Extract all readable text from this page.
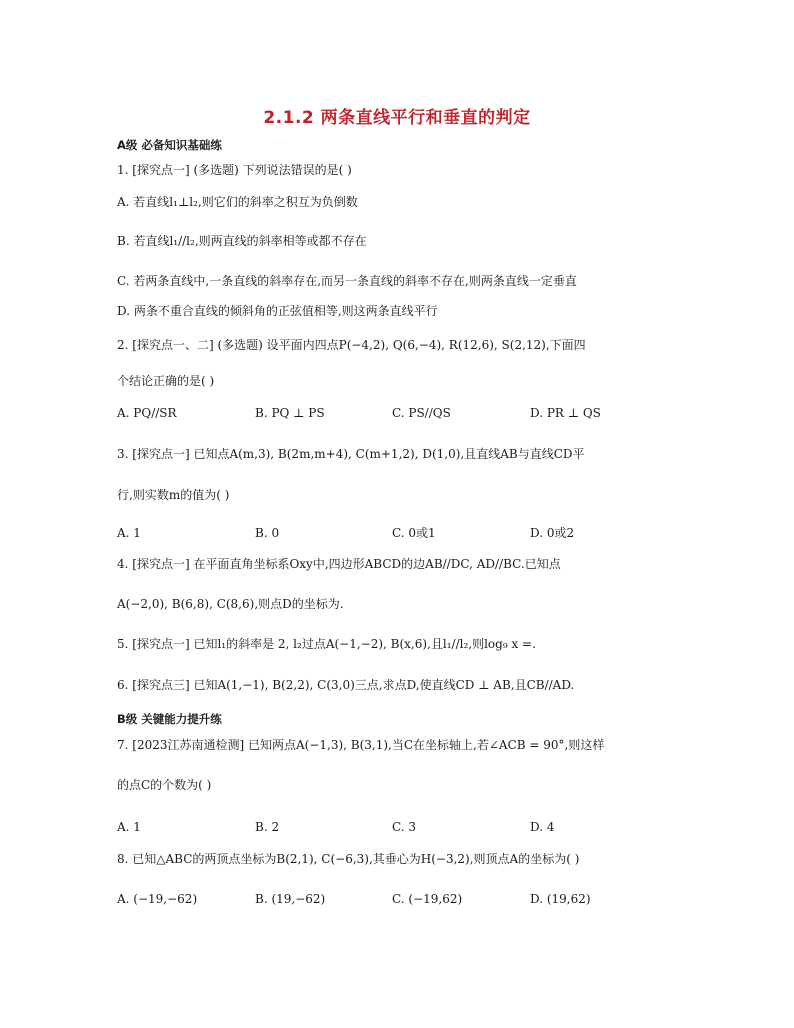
2.1.2 两条直线平行和垂直的判定
A级 必备知识基础练
1. [探究点一] (多选题) 下列说法错误的是( )
A. 若直线l₁⊥l₂,则它们的斜率之积互为负倒数
B. 若直线l₁//l₂,则两直线的斜率相等或都不存在
C. 若两条直线中,一条直线的斜率存在,而另一条直线的斜率不存在,则两条直线一定垂直
D. 两条不重合直线的倾斜角的正弦值相等,则这两条直线平行
2. [探究点一、二] (多选题) 设平面内四点P(−4,2), Q(6,−4), R(12,6), S(2,12),下面四
个结论正确的是( )
A. PQ//SR	B. PQ ⊥ PS	C. PS//QS	D. PR ⊥ QS
3. [探究点一] 已知点A(m,3), B(2m,m+4), C(m+1,2), D(1,0),且直线AB与直线CD平
行,则实数m的值为( )
A. 1	B. 0	C. 0或1	D. 0或2
4. [探究点一] 在平面直角坐标系Oxy中,四边形ABCD的边AB//DC, AD//BC.已知点
A(−2,0), B(6,8), C(8,6),则点D的坐标为.
5. [探究点一] 已知l₁的斜率是 2, l₂过点A(−1,−2), B(x,6),且l₁//l₂,则log₉ x =.
6. [探究点三] 已知A(1,−1), B(2,2), C(3,0)三点,求点D,使直线CD ⊥ AB,且CB//AD.
B级 关键能力提升练
7. [2023江苏南通检测] 已知两点A(−1,3), B(3,1),当C在坐标轴上,若∠ACB = 90°,则这样
的点C的个数为( )
A. 1	B. 2	C. 3	D. 4
8. 已知△ABC的两顶点坐标为B(2,1), C(−6,3),其垂心为H(−3,2),则顶点A的坐标为( )
A. (−19,−62)	B. (19,−62)	C. (−19,62)	D. (19,62)
